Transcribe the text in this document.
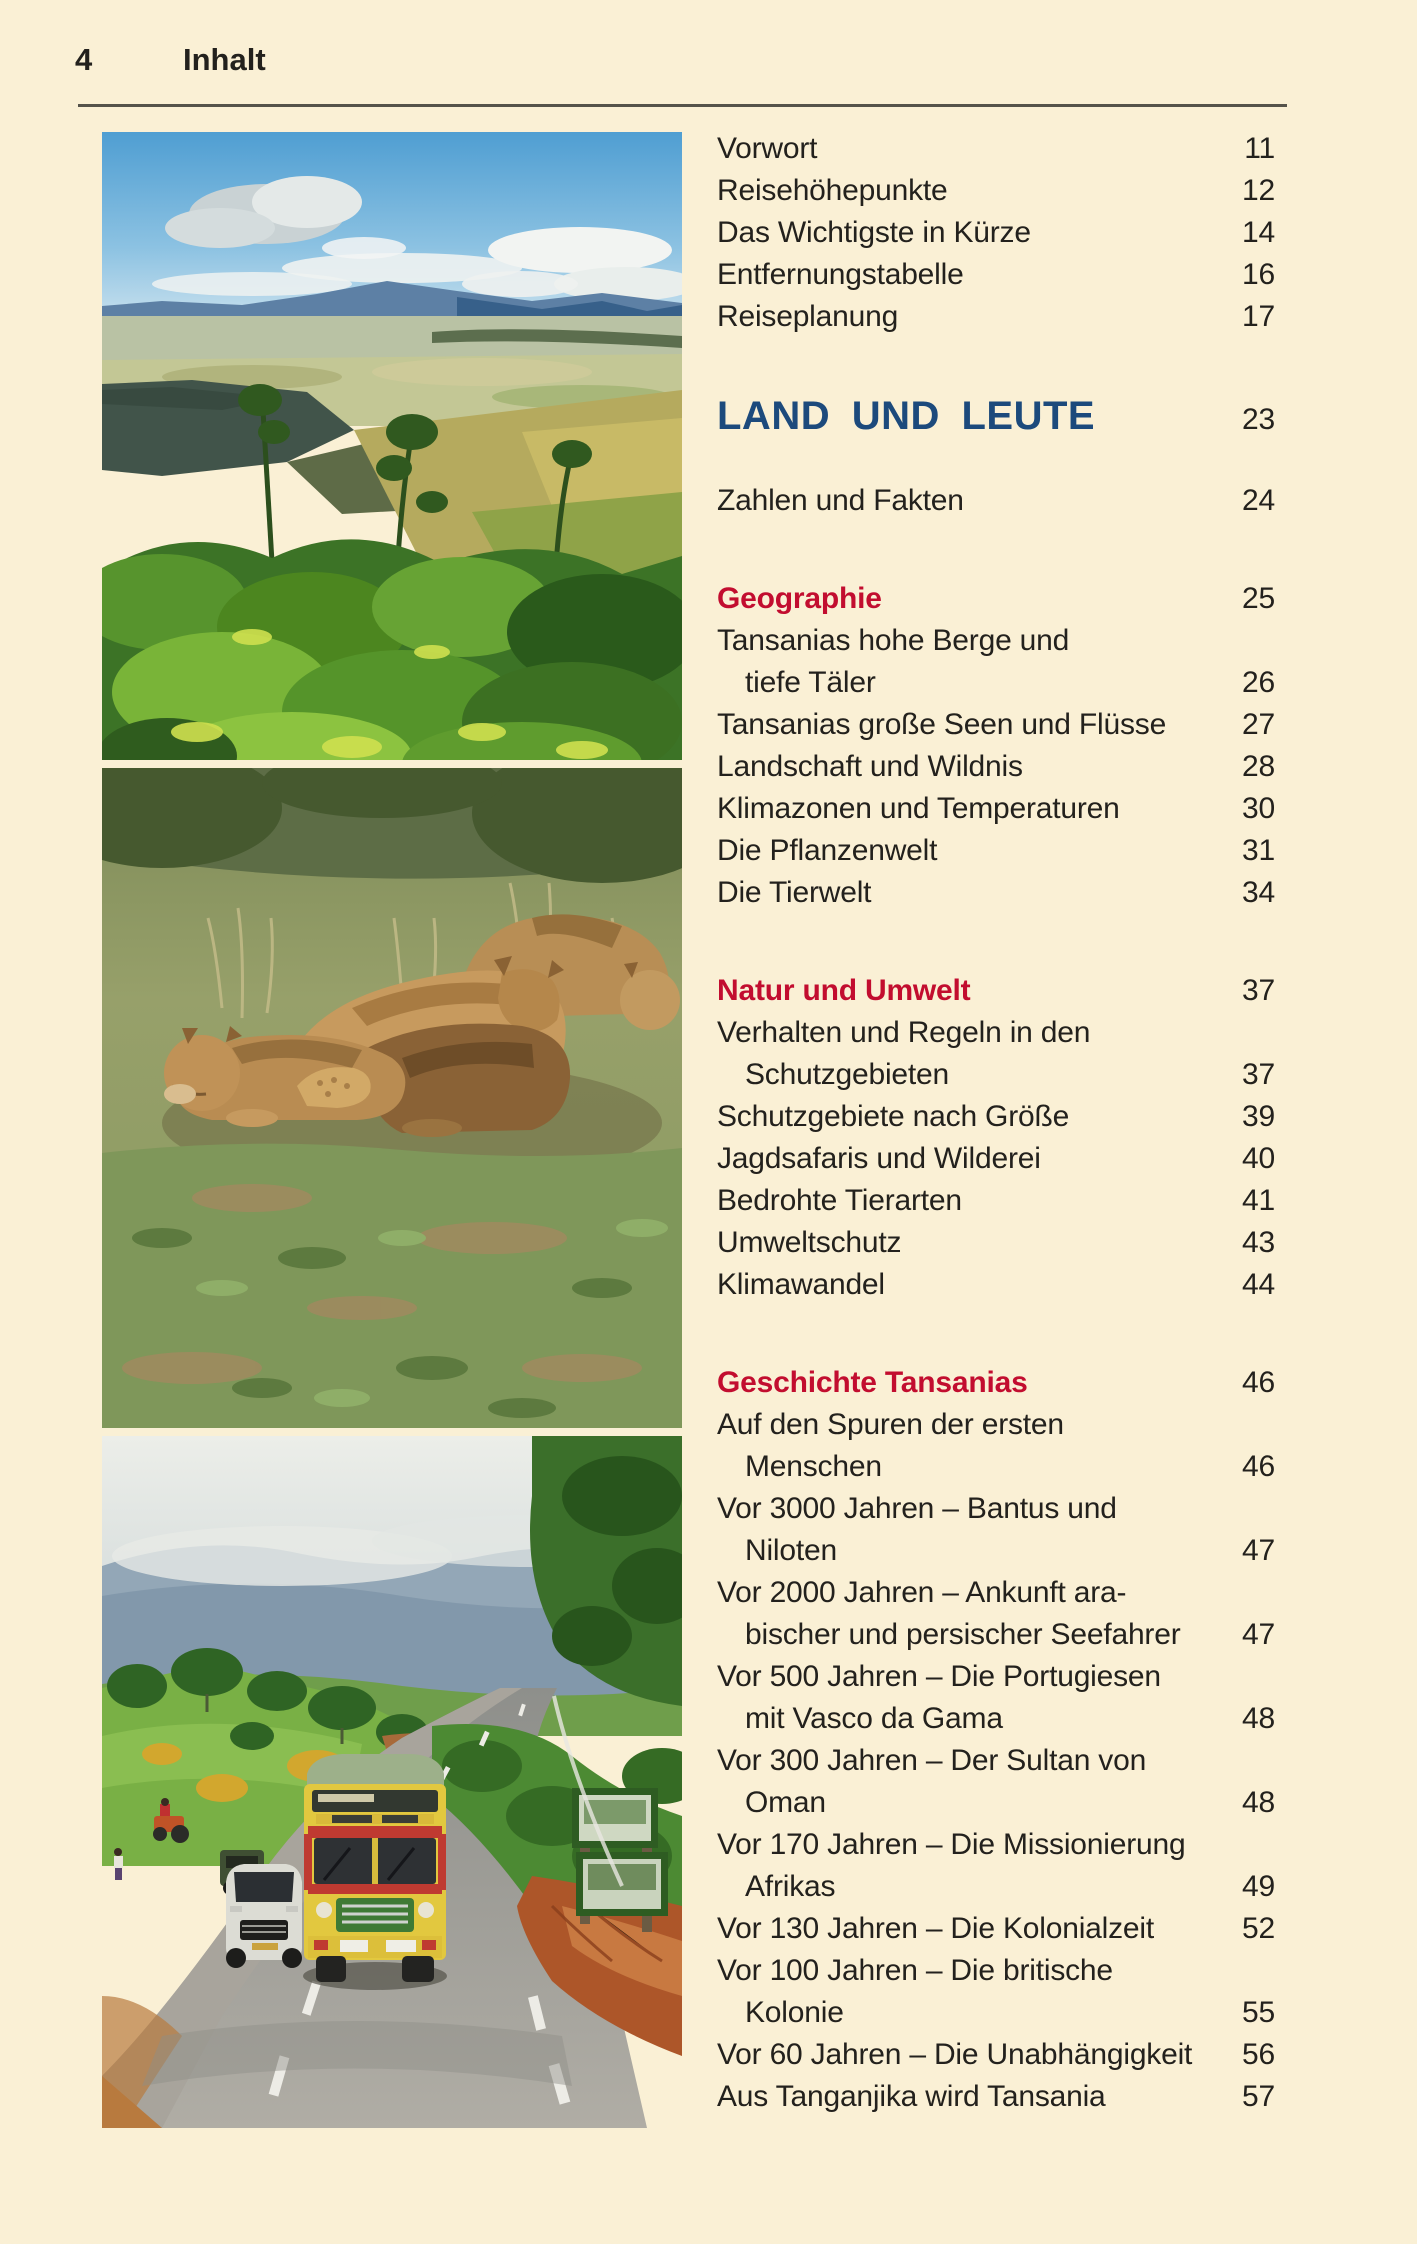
4	Inhalt
Vorwort	11
Reisehöhepunkte	12
Das Wichtigste in Kürze	14
Entfernungstabelle	16
Reiseplanung	17
LAND UND LEUTE	23
Zahlen und Fakten	24
Geographie	25
Tansanias hohe Berge und
tiefe Täler	26
Tansanias große Seen und Flüsse	27
Landschaft und Wildnis	28
Klimazonen und Temperaturen	30
Die Pflanzenwelt	31
Die Tierwelt	34
Natur und Umwelt	37
Verhalten und Regeln in den
Schutzgebieten	37
Schutzgebiete nach Größe	39
Jagdsafaris und Wilderei	40
Bedrohte Tierarten	41
Umweltschutz	43
Klimawandel	44
Geschichte Tansanias	46
Auf den Spuren der ersten
Menschen	46
Vor 3000 Jahren – Bantus und
Niloten	47
Vor 2000 Jahren – Ankunft ara-
bischer und persischer Seefahrer 47
Vor 500 Jahren – Die Portugiesen
mit Vasco da Gama	48
Vor 300 Jahren – Der Sultan von
Oman	48
Vor 170 Jahren – Die Missionierung
Afrikas	49
Vor 130 Jahren – Die Kolonialzeit	52
Vor 100 Jahren – Die britische
Kolonie	55
Vor 60 Jahren – Die Unabhängigkeit 56
Aus Tanganjika wird Tansania	57
